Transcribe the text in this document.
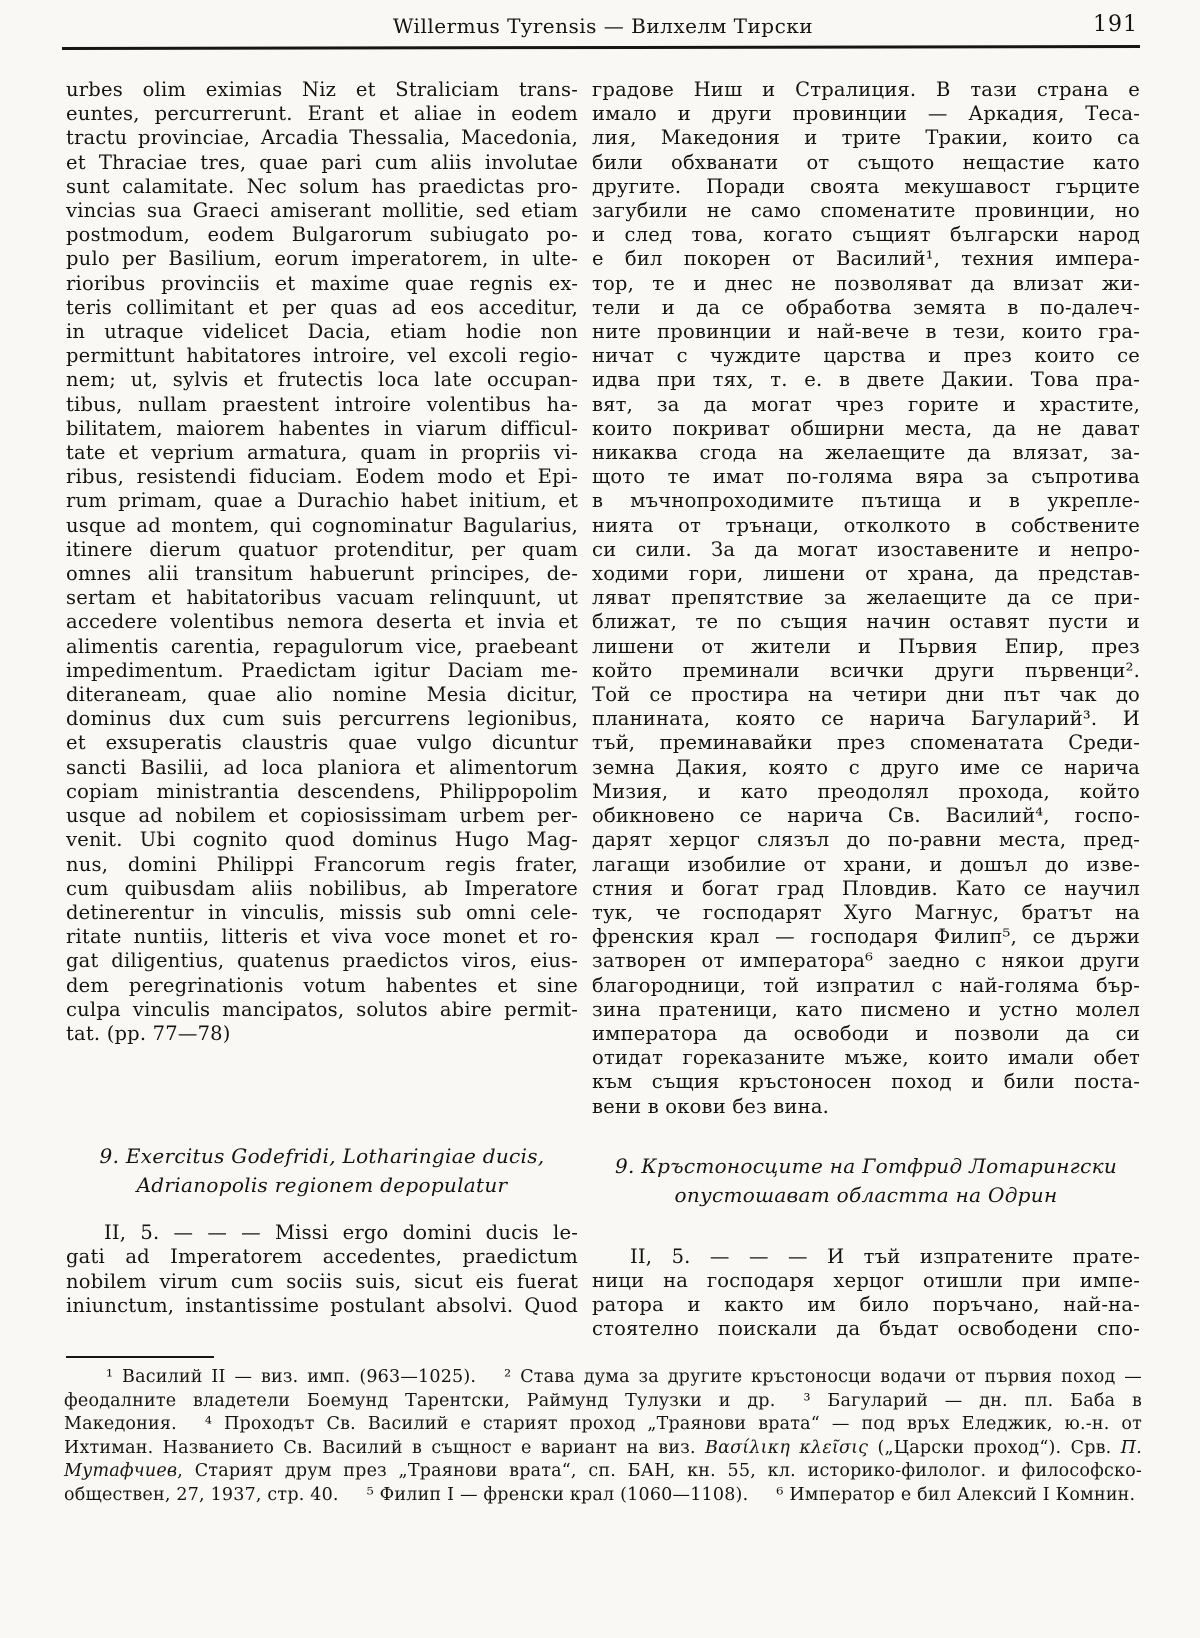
Willermus Tyrensis — Вилхелм Тирски	191
urbes olim eximias Niz et Straliciam trans-
euntes, percurrerunt. Erant et aliae in eodem
tractu provinciae, Arcadia Thessalia, Macedonia,
et Thraciae tres, quae pari cum aliis involutae
sunt calamitate. Nec solum has praedictas pro-
vincias sua Graeci amiserant mollitie, sed etiam
postmodum, eodem Bulgarorum subiugato po-
pulo per Basilium, eorum imperatorem, in ulte-
rioribus provinciis et maxime quae regnis ex-
teris collimitant et per quas ad eos acceditur,
in utraque videlicet Dacia, etiam hodie non
permittunt habitatores introire, vel excoli regio-
nem; ut, sylvis et frutectis loca late occupan-
tibus, nullam praestent introire volentibus ha-
bilitatem, maiorem habentes in viarum difficul-
tate et veprium armatura, quam in propriis vi-
ribus, resistendi fiduciam. Eodem modo et Epi-
rum primam, quae a Durachio habet initium, et
usque ad montem, qui cognominatur Bagularius,
itinere dierum quatuor protenditur, per quam
omnes alii transitum habuerunt principes, de-
sertam et habitatoribus vacuam relinquunt, ut
accedere volentibus nemora deserta et invia et
alimentis carentia, repagulorum vice, praebeant
impedimentum. Praedictam igitur Daciam me-
diteraneam, quae alio nomine Mesia dicitur,
dominus dux cum suis percurrens legionibus,
et exsuperatis claustris quae vulgo dicuntur
sancti Basilii, ad loca planiora et alimentorum
copiam ministrantia descendens, Philippopolim
usque ad nobilem et copiosissimam urbem per-
venit. Ubi cognito quod dominus Hugo Mag-
nus, domini Philippi Francorum regis frater,
cum quibusdam aliis nobilibus, ab Imperatore
detinerentur in vinculis, missis sub omni cele-
ritate nuntiis, litteris et viva voce monet et ro-
gat diligentius, quatenus praedictos viros, eius-
dem peregrinationis votum habentes et sine
culpa vinculis mancipatos, solutos abire permit-
tat. (pp. 77—78)
9. Exercitus Godefridi, Lotharingiae ducis,
Adrianopolis regionem depopulatur
II, 5. — — — Missi ergo domini ducis le-
gati ad Imperatorem accedentes, praedictum
nobilem virum cum sociis suis, sicut eis fuerat
iniunctum, instantissime postulant absolvi. Quod
градове Ниш и Стралиция. В тази страна е
имало и други провинции — Аркадия, Теса-
лия, Македония и трите Тракии, които са
били обхванати от същото нещастие като
другите. Поради своята мекушавост гърците
загубили не само споменатите провинции, но
и след това, когато същият български народ
е бил покорен от Василий¹, техния импера-
тор, те и днес не позволяват да влизат жи-
тели и да се обработва земята в по-далеч-
ните провинции и най-вече в тези, които гра-
ничат с чуждите царства и през които се
идва при тях, т. е. в двете Дакии. Това пра-
вят, за да могат чрез горите и храстите,
които покриват обширни места, да не дават
никаква сгода на желаещите да влязат, за-
щото те имат по-голяма вяра за съпротива
в мъчнопроходимите пътища и в укрепле-
нията от трънаци, отколкото в собствените
си сили. За да могат изоставените и непро-
ходими гори, лишени от храна, да представ-
ляват препятствие за желаещите да се при-
ближат, те по същия начин оставят пусти и
лишени от жители и Първия Епир, през
който преминали всички други първенци².
Той се простира на четири дни път чак до
планината, която се нарича Багуларий³. И
тъй, преминавайки през споменатата Среди-
земна Дакия, която с друго име се нарича
Мизия, и като преодолял прохода, който
обикновено се нарича Св. Василий⁴, госпо-
дарят херцог слязъл до по-равни места, пред-
лагащи изобилие от храни, и дошъл до изве-
стния и богат град Пловдив. Като се научил
тук, че господарят Хуго Магнус, братът на
френския крал — господаря Филип⁵, се държи
затворен от императора⁶ заедно с някои други
благородници, той изпратил с най-голяма бър-
зина пратеници, като писмено и устно молел
императора да освободи и позволи да си
отидат гореказаните мъже, които имали обет
към същия кръстоносен поход и били поста-
вени в окови без вина.
9. Кръстоносците на Готфрид Лотарингски
опустошават областта на Одрин
II, 5. — — — И тъй изпратените прате-
ници на господаря херцог отишли при импе-
ратора и както им било поръчано, най-на-
стоятелно поискали да бъдат освободени спо-
¹ Василий II — виз. имп. (963—1025). ² Става дума за другите кръстоносци водачи от първия поход — феодалните владетели Боемунд Тарентски, Раймунд Тулузки и др. ³ Багуларий — дн. пл. Баба в Македония. ⁴ Проходът Св. Василий е старият проход „Траянови врата“ — под връх Еледжик, ю.-н. от Ихтиман. Названието Св. Василий в същност е вариант на виз. Βασίλικη κλεῖσις („Царски проход“). Срв. П. Мутафчиев, Старият друм през „Траянови врата“, сп. БАН, кн. 55, кл. историко-филолог. и философско-обществен, 27, 1937, стр. 40. ⁵ Филип I — френски крал (1060—1108). ⁶ Император е бил Алексий I Комнин.
